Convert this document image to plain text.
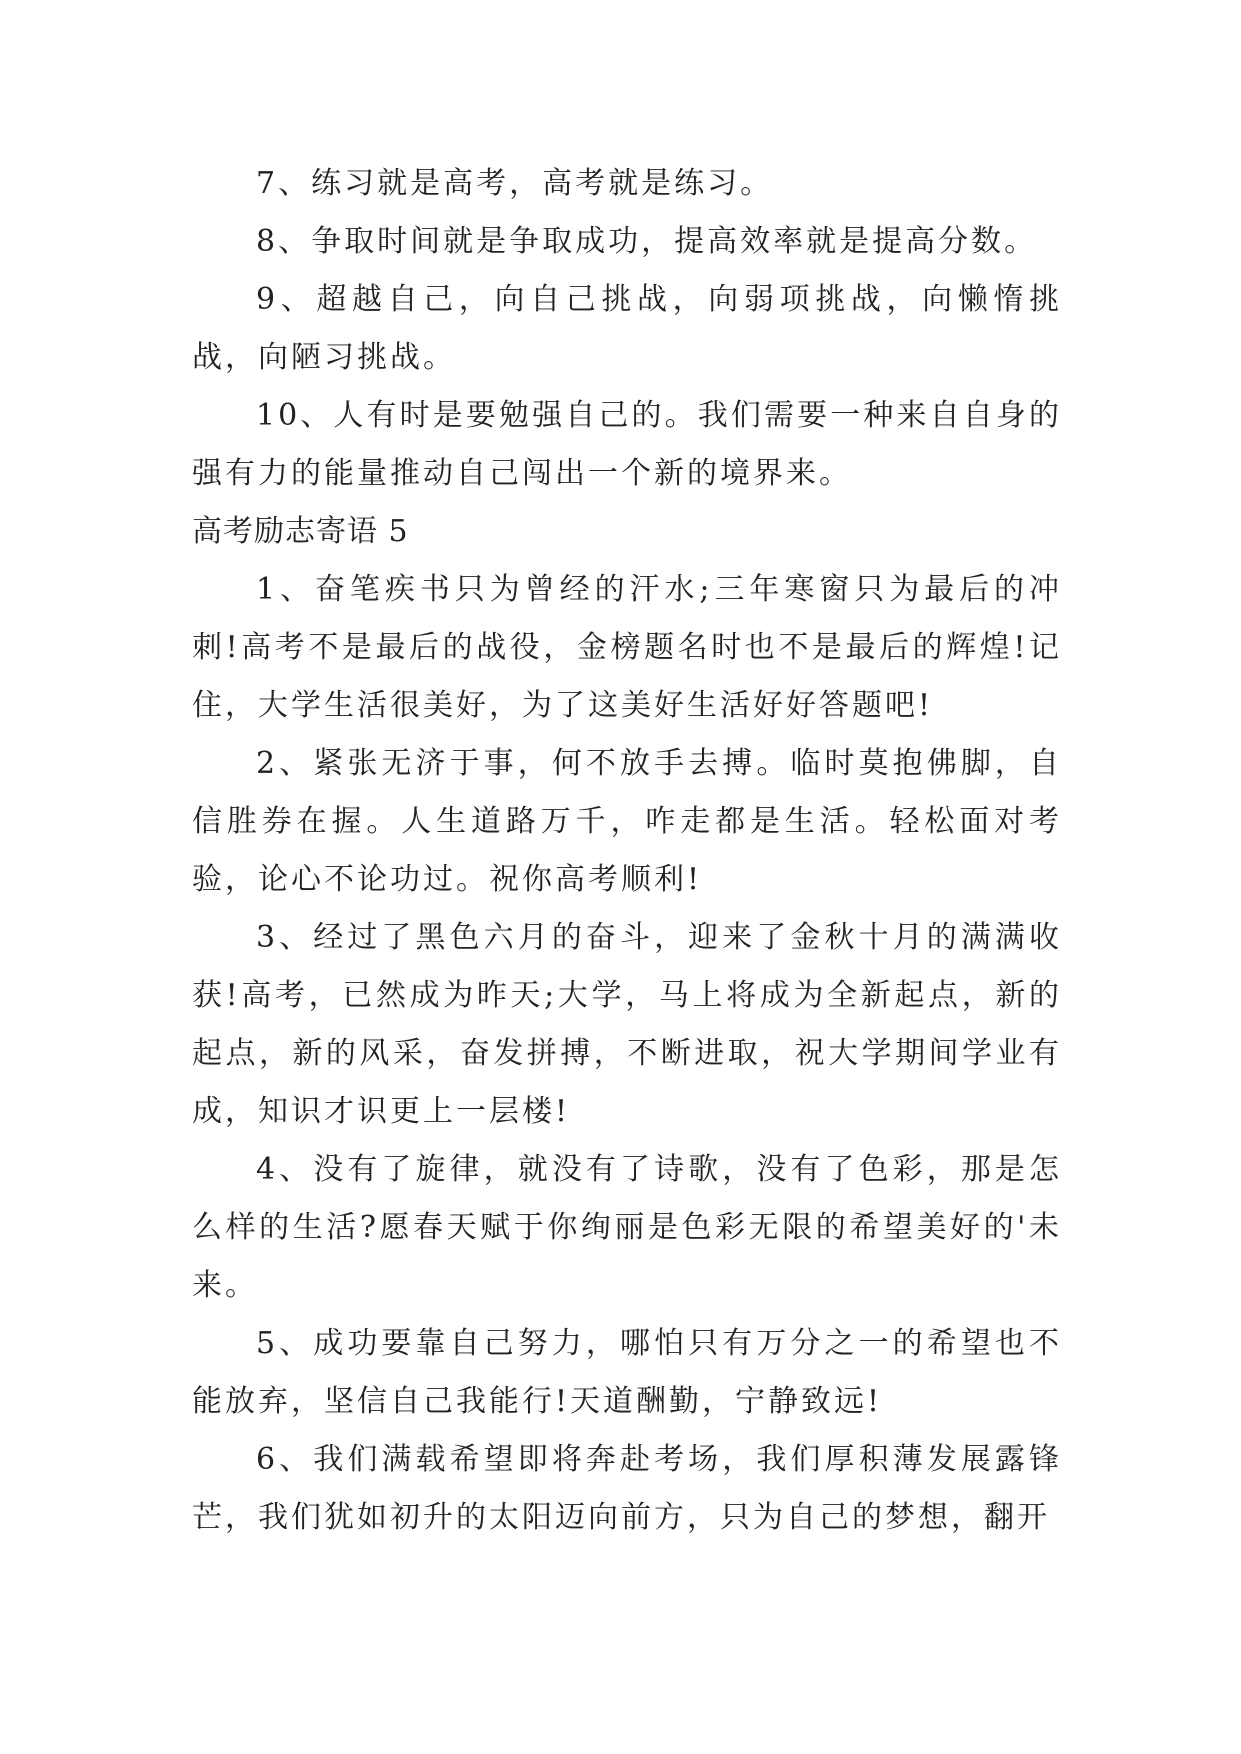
7、练习就是高考，高考就是练习。

8、争取时间就是争取成功，提高效率就是提高分数。

9、超越自己，向自己挑战，向弱项挑战，向懒惰挑战，向陋习挑战。

10、人有时是要勉强自己的。我们需要一种来自自身的强有力的能量推动自己闯出一个新的境界来。

高考励志寄语 5

1、奋笔疾书只为曾经的汗水;三年寒窗只为最后的冲刺!高考不是最后的战役，金榜题名时也不是最后的辉煌!记住，大学生活很美好，为了这美好生活好好答题吧!

2、紧张无济于事，何不放手去搏。临时莫抱佛脚，自信胜券在握。人生道路万千，咋走都是生活。轻松面对考验，论心不论功过。祝你高考顺利!

3、经过了黑色六月的奋斗，迎来了金秋十月的满满收获!高考，已然成为昨天;大学，马上将成为全新起点，新的起点，新的风采，奋发拼搏，不断进取，祝大学期间学业有成，知识才识更上一层楼!

4、没有了旋律，就没有了诗歌，没有了色彩，那是怎么样的生活?愿春天赋于你绚丽是色彩无限的希望美好的'未来。

5、成功要靠自己努力，哪怕只有万分之一的希望也不能放弃，坚信自己我能行!天道酬勤，宁静致远!

6、我们满载希望即将奔赴考场，我们厚积薄发展露锋芒，我们犹如初升的太阳迈向前方，只为自己的梦想，翻开
